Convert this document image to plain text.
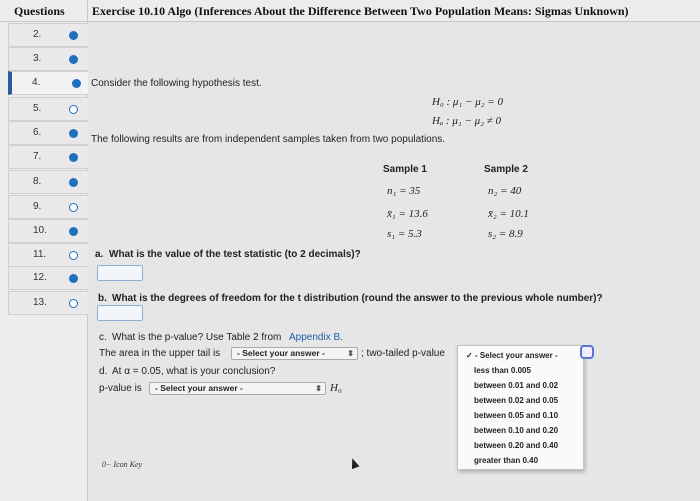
Questions
2.
3.
4.
5.
6.
7.
8.
9.
10.
11.
12.
13.
Exercise 10.10 Algo (Inferences About the Difference Between Two Population Means: Sigmas Unknown)
Consider the following hypothesis test.
H₀ : μ₁ − μ₂ = 0
Hₐ : μ₁ − μ₂ ≠ 0
The following results are from independent samples taken from two populations.
Sample 1	Sample 2
n₁ = 35	n₂ = 40
x̄₁ = 13.6	x̄₂ = 10.1
s₁ = 5.3	s₂ = 8.9
a. What is the value of the test statistic (to 2 decimals)?
b. What is the degrees of freedom for the t distribution (round the answer to the previous whole number)?
c. What is the p-value? Use Table 2 from Appendix B.
The area in the upper tail is	- Select your answer -	⬍ ; two-tailed p-value
d. At α = 0.05, what is your conclusion?
p-value is	- Select your answer -	⬍ H₀
0− Icon Key
✓ - Select your answer -
less than 0.005
between 0.01 and 0.02
between 0.02 and 0.05
between 0.05 and 0.10
between 0.10 and 0.20
between 0.20 and 0.40
greater than 0.40
